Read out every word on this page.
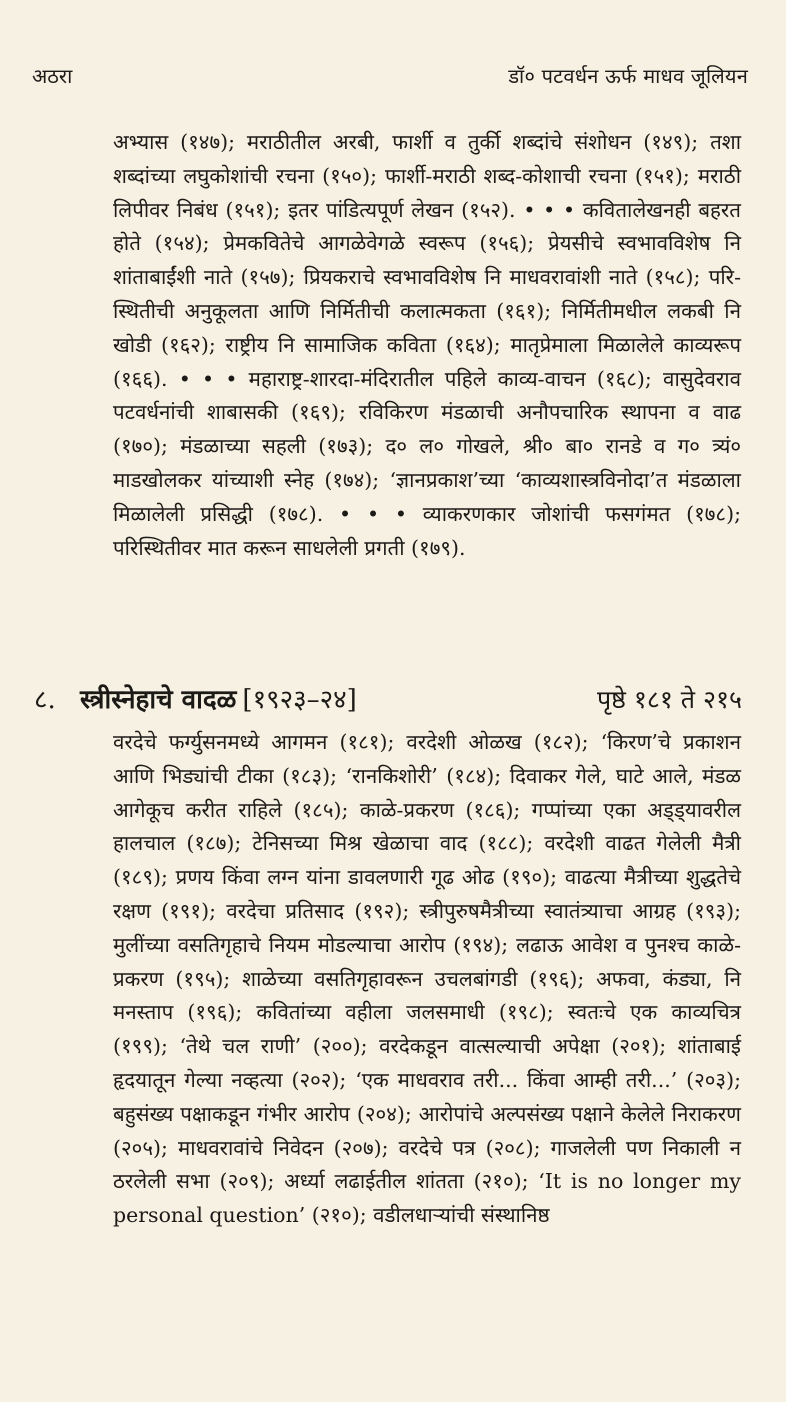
अठरा	डॉ० पटवर्धन ऊर्फ माधव जूलियन

अभ्यास (१४७); मराठीतील अरबी, फार्शी व तुर्की शब्दांचे संशोधन (१४९); तशा शब्दांच्या लघुकोशांची रचना (१५०); फार्शी-मराठी शब्द-कोशाची रचना (१५१); मराठी लिपीवर निबंध (१५१); इतर पांडित्यपूर्ण लेखन (१५२). • • • कवितालेखनही बहरत होते (१५४); प्रेमकवितेचे आगळेवेगळे स्वरूप (१५६); प्रेयसीचे स्वभावविशेष नि शांताबाईंशी नाते (१५७); प्रियकराचे स्वभावविशेष नि माधवरावांशी नाते (१५८); परि-स्थितीची अनुकूलता आणि निर्मितीची कलात्मकता (१६१); निर्मितीमधील लकबी नि खोडी (१६२); राष्ट्रीय नि सामाजिक कविता (१६४); मातृप्रेमाला मिळालेले काव्यरूप (१६६). • • • महाराष्ट्र-शारदा-मंदिरातील पहिले काव्य-वाचन (१६८); वासुदेवराव पटवर्धनांची शाबासकी (१६९); रविकिरण मंडळाची अनौपचारिक स्थापना व वाढ (१७०); मंडळाच्या सहली (१७३); द० ल० गोखले, श्री० बा० रानडे व ग० त्र्यं० माडखोलकर यांच्याशी स्नेह (१७४); ‘ज्ञानप्रकाश’च्या ‘काव्यशास्त्रविनोदा’त मंडळाला मिळालेली प्रसिद्धी (१७८). • • • व्याकरणकार जोशांची फसगंमत (१७८); परिस्थितीवर मात करून साधलेली प्रगती (१७९).

८. स्त्रीस्नेहाचे वादळ [१९२३–२४]	पृष्ठे १८१ ते २१५

वरदेचे फर्ग्युसनमध्ये आगमन (१८१); वरदेशी ओळख (१८२); ‘किरण’चे प्रकाशन आणि भिड्यांची टीका (१८३); ‘रानकिशोरी’ (१८४); दिवाकर गेले, घाटे आले, मंडळ आगेकूच करीत राहिले (१८५); काळे-प्रकरण (१८६); गप्पांच्या एका अड्ड्यावरील हालचाल (१८७); टेनिसच्या मिश्र खेळाचा वाद (१८८); वरदेशी वाढत गेलेली मैत्री (१८९); प्रणय किंवा लग्न यांना डावलणारी गूढ ओढ (१९०); वाढत्या मैत्रीच्या शुद्धतेचे रक्षण (१९१); वरदेचा प्रतिसाद (१९२); स्त्रीपुरुषमैत्रीच्या स्वातंत्र्याचा आग्रह (१९३); मुलींच्या वसतिगृहाचे नियम मोडल्याचा आरोप (१९४); लढाऊ आवेश व पुनश्च काळे-प्रकरण (१९५); शाळेच्या वसतिगृहावरून उचलबांगडी (१९६); अफवा, कंड्या, नि मनस्ताप (१९६); कवितांच्या वहीला जलसमाधी (१९८); स्वतःचे एक काव्यचित्र (१९९); ‘तेथे चल राणी’ (२००); वरदेकडून वात्सल्याची अपेक्षा (२०१); शांताबाई हृदयातून गेल्या नव्हत्या (२०२); ‘एक माधवराव तरी... किंवा आम्ही तरी...’ (२०३); बहुसंख्य पक्षाकडून गंभीर आरोप (२०४); आरोपांचे अल्पसंख्य पक्षाने केलेले निराकरण (२०५); माधवरावांचे निवेदन (२०७); वरदेचे पत्र (२०८); गाजलेली पण निकाली न ठरलेली सभा (२०९); अर्ध्या लढाईतील शांतता (२१०); ‘It is no longer my personal question’ (२१०); वडीलधाऱ्यांची संस्थानिष्ठ
